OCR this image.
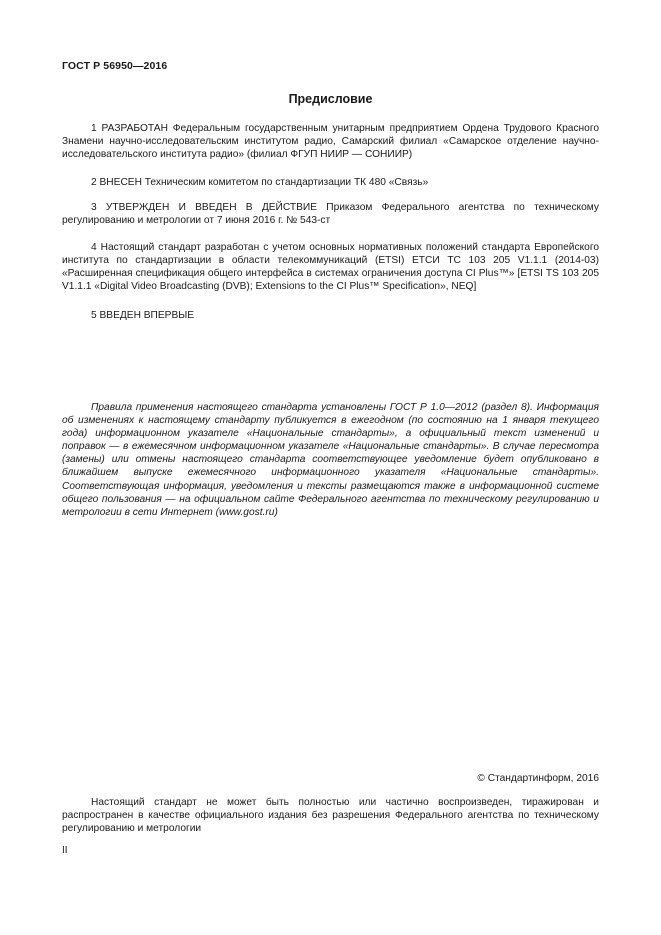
ГОСТ Р 56950—2016
Предисловие

1 РАЗРАБОТАН Федеральным государственным унитарным предприятием Ордена Трудового Красного Знамени научно-исследовательским институтом радио, Самарский филиал «Самарское отделение научно-исследовательского института радио» (филиал ФГУП НИИР — СОНИИР)

2 ВНЕСЕН Техническим комитетом по стандартизации ТК 480 «Связь»

3 УТВЕРЖДЕН И ВВЕДЕН В ДЕЙСТВИЕ Приказом Федерального агентства по техническому регулированию и метрологии от 7 июня 2016 г. № 543-ст

4 Настоящий стандарт разработан с учетом основных нормативных положений стандарта Европейского института по стандартизации в области телекоммуникаций (ETSI) ЕТСИ ТС 103 205 V1.1.1 (2014-03) «Расширенная спецификация общего интерфейса в системах ограничения доступа CI Plus™» [ETSI TS 103 205 V1.1.1 «Digital Video Broadcasting (DVB); Extensions to the CI Plus™ Specification», NEQ]

5 ВВЕДЕН ВПЕРВЫЕ

Правила применения настоящего стандарта установлены ГОСТ Р 1.0—2012 (раздел 8). Информация об изменениях к настоящему стандарту публикуется в ежегодном (по состоянию на 1 января текущего года) информационном указателе «Национальные стандарты», а официальный текст изменений и поправок — в ежемесячном информационном указателе «Национальные стандарты». В случае пересмотра (замены) или отмены настоящего стандарта соответствующее уведомление будет опубликовано в ближайшем выпуске ежемесячного информационного указателя «Национальные стандарты». Соответствующая информация, уведомления и тексты размещаются также в информационной системе общего пользования — на официальном сайте Федерального агентства по техническому регулированию и метрологии в сети Интернет (www.gost.ru)

© Стандартинформ, 2016

Настоящий стандарт не может быть полностью или частично воспроизведен, тиражирован и распространен в качестве официального издания без разрешения Федерального агентства по техническому регулированию и метрологии

II
